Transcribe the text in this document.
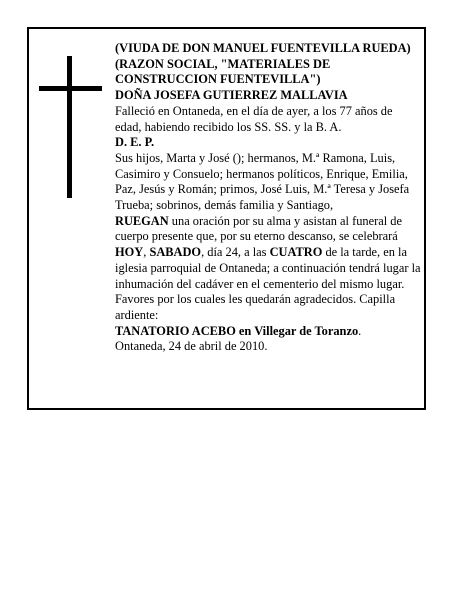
(VIUDA DE DON MANUEL FUENTEVILLA RUEDA) (RAZON SOCIAL, "MATERIALES DE CONSTRUCCION FUENTEVILLA")

DOÑA JOSEFA GUTIERREZ MALLAVIA

Falleció en Ontaneda, en el día de ayer, a los 77 años de edad, habiendo recibido los SS. SS. y la B. A.

D. E. P.

Sus hijos, Marta y José (); hermanos, M.ª Ramona, Luis, Casimiro y Consuelo; hermanos políticos, Enrique, Emilia, Paz, Jesús y Román; primos, José Luis, M.ª Teresa y Josefa Trueba; sobrinos, demás familia y Santiago,

RUEGAN una oración por su alma y asistan al funeral de cuerpo presente que, por su eterno descanso, se celebrará HOY, SABADO, día 24, a las CUATRO de la tarde, en la iglesia parroquial de Ontaneda; a continuación tendrá lugar la inhumación del cadáver en el cementerio del mismo lugar. Favores por los cuales les quedarán agradecidos. Capilla ardiente:

TANATORIO ACEBO en Villegar de Toranzo.

Ontaneda, 24 de abril de 2010.
